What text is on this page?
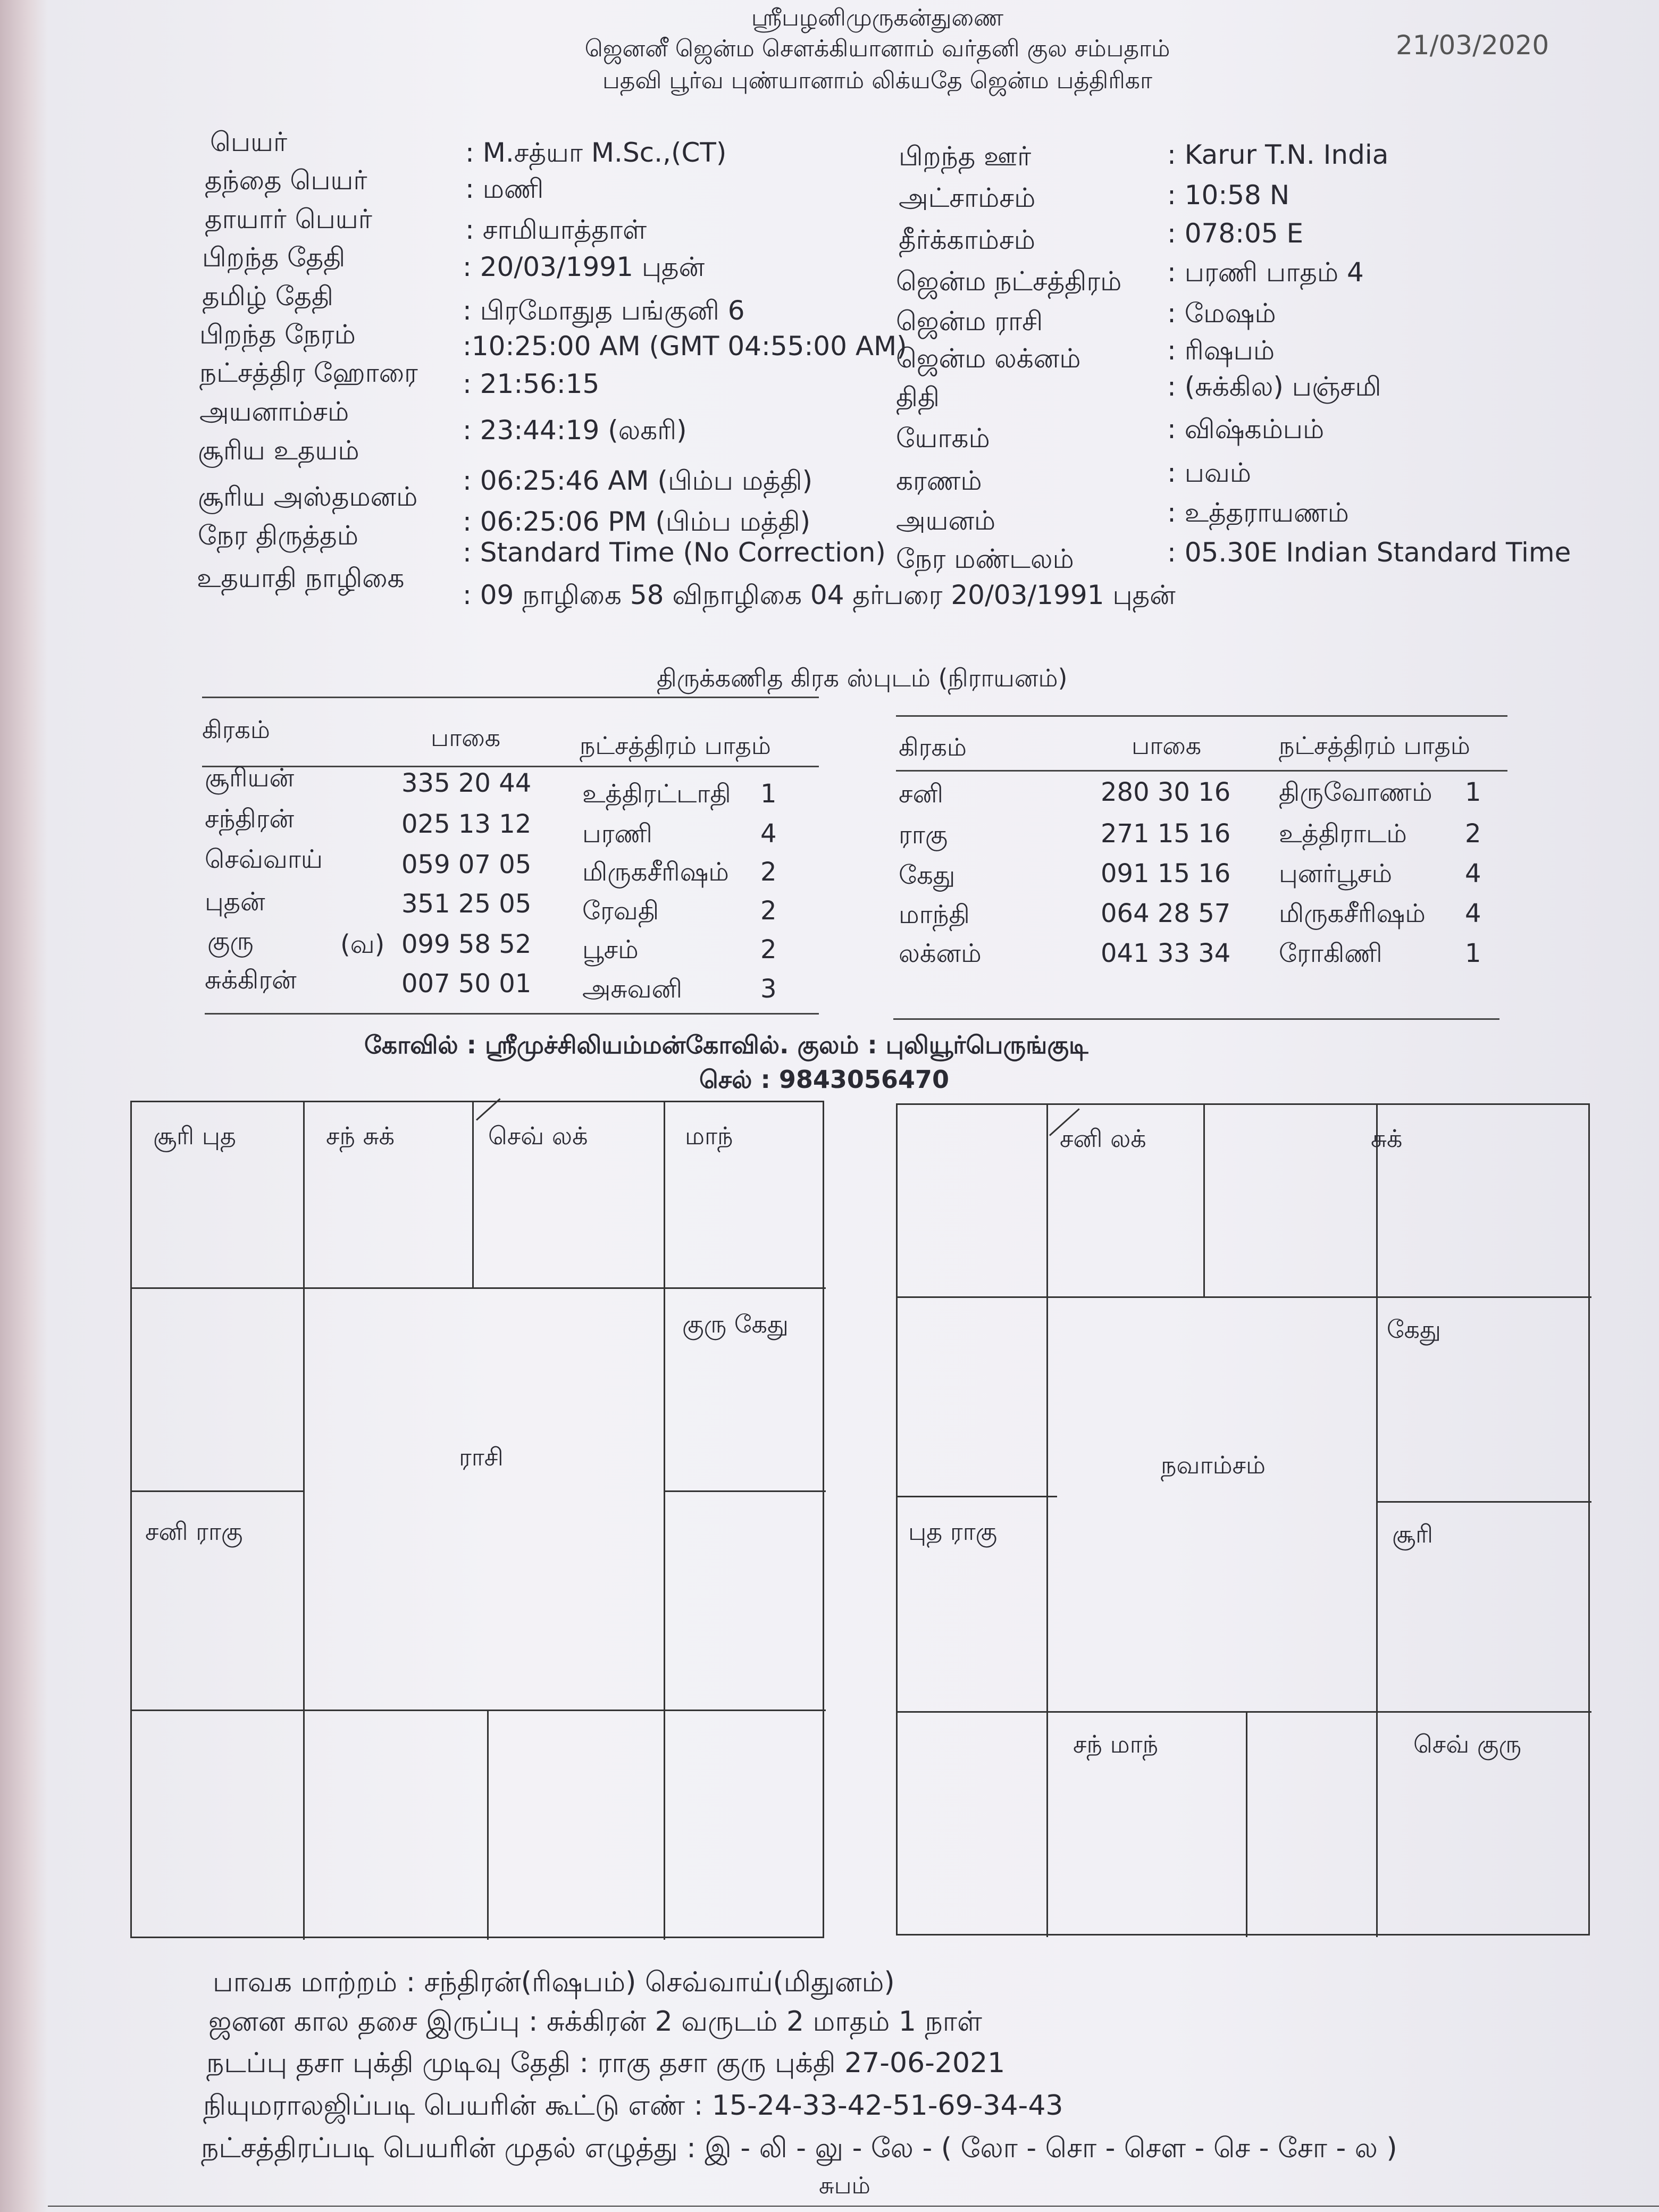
ஸ்ரீபழனிமுருகன்துணை
ஜெனனீ ஜென்ம சௌக்கியானாம் வர்தனி குல சம்பதாம்
பதவி பூர்வ புண்யானாம் லிக்யதே ஜென்ம பத்திரிகா
21/03/2020
பெயர்	: M.சத்யா M.Sc.,(CT)
தந்தை பெயர்	: மணி
தாயார் பெயர்	: சாமியாத்தாள்
பிறந்த தேதி	: 20/03/1991 புதன்
தமிழ் தேதி	: பிரமோதுத பங்குனி 6
பிறந்த நேரம்	:10:25:00 AM (GMT 04:55:00 AM)
நட்சத்திர ஹோரை : 21:56:15
அயனாம்சம்
: 23:44:19 (லகரி)
சூரிய உதயம்
: 06:25:46 AM (பிம்ப மத்தி)
சூரிய அஸ்தமனம்
: 06:25:06 PM (பிம்ப மத்தி)
நேர திருத்தம்
: Standard Time (No Correction)
உதயாதி நாழிகை
: 09 நாழிகை 58 விநாழிகை 04 தர்பரை 20/03/1991 புதன்
பிறந்த ஊர்	: Karur T.N. India
அட்சாம்சம்	: 10:58 N
தீர்க்காம்சம்	: 078:05 E
ஜென்ம நட்சத்திரம் : பரணி பாதம் 4
ஜென்ம ராசி	: மேஷம்
ஜென்ம லக்னம்	: ரிஷபம்
திதி	: (சுக்கில) பஞ்சமி
யோகம்	: விஷ்கம்பம்
கரணம்	: பவம்
அயனம்	: உத்தராயணம்
நேர மண்டலம்	: 05.30E Indian Standard Time
திருக்கணித கிரக ஸ்புடம் (நிராயனம்)
கிரகம்	பாகை	நட்சத்திரம் பாதம்
சூரியன்	335 20 44 உத்திரட்டாதி 1
சந்திரன்	025 13 12 பரணி	4
செவ்வாய்	059 07 05 மிருகசீரிஷம் 2
புதன்	351 25 05 ரேவதி	2
குரு	(வ) 099 58 52 பூசம்	2
சுக்கிரன்	007 50 01 அசுவனி	3
கிரகம்	பாகை	நட்சத்திரம் பாதம்
சனி	280 30 16 திருவோணம் 1
ராகு	271 15 16 உத்திராடம் 2
கேது	091 15 16 புனர்பூசம்	4
மாந்தி	064 28 57 மிருகசீரிஷம் 4
லக்னம்	041 33 34 ரோகிணி	1
கோவில் : ஸ்ரீமுச்சிலியம்மன்கோவில். குலம் : புலியூர்பெருங்குடி
செல் : 9843056470
சூரி புத	சந் சுக்	செவ் லக்	மாந்
குரு கேது
சனி ராகு
ராசி
சனி லக்	சுக்
கேது
புத ராகு	சூரி
சந் மாந்	செவ் குரு
நவாம்சம்
பாவக மாற்றம் : சந்திரன்(ரிஷபம்) செவ்வாய்(மிதுனம்)
ஜனன கால தசை இருப்பு : சுக்கிரன் 2 வருடம் 2 மாதம் 1 நாள்
நடப்பு தசா புக்தி முடிவு தேதி : ராகு தசா குரு புக்தி 27-06-2021
நியுமராலஜிப்படி பெயரின் கூட்டு எண் : 15-24-33-42-51-69-34-43
நட்சத்திரப்படி பெயரின் முதல் எழுத்து : இ - லி - லு - லே - ( லோ - சொ - சௌ - செ - சோ - ல )
சுபம்
